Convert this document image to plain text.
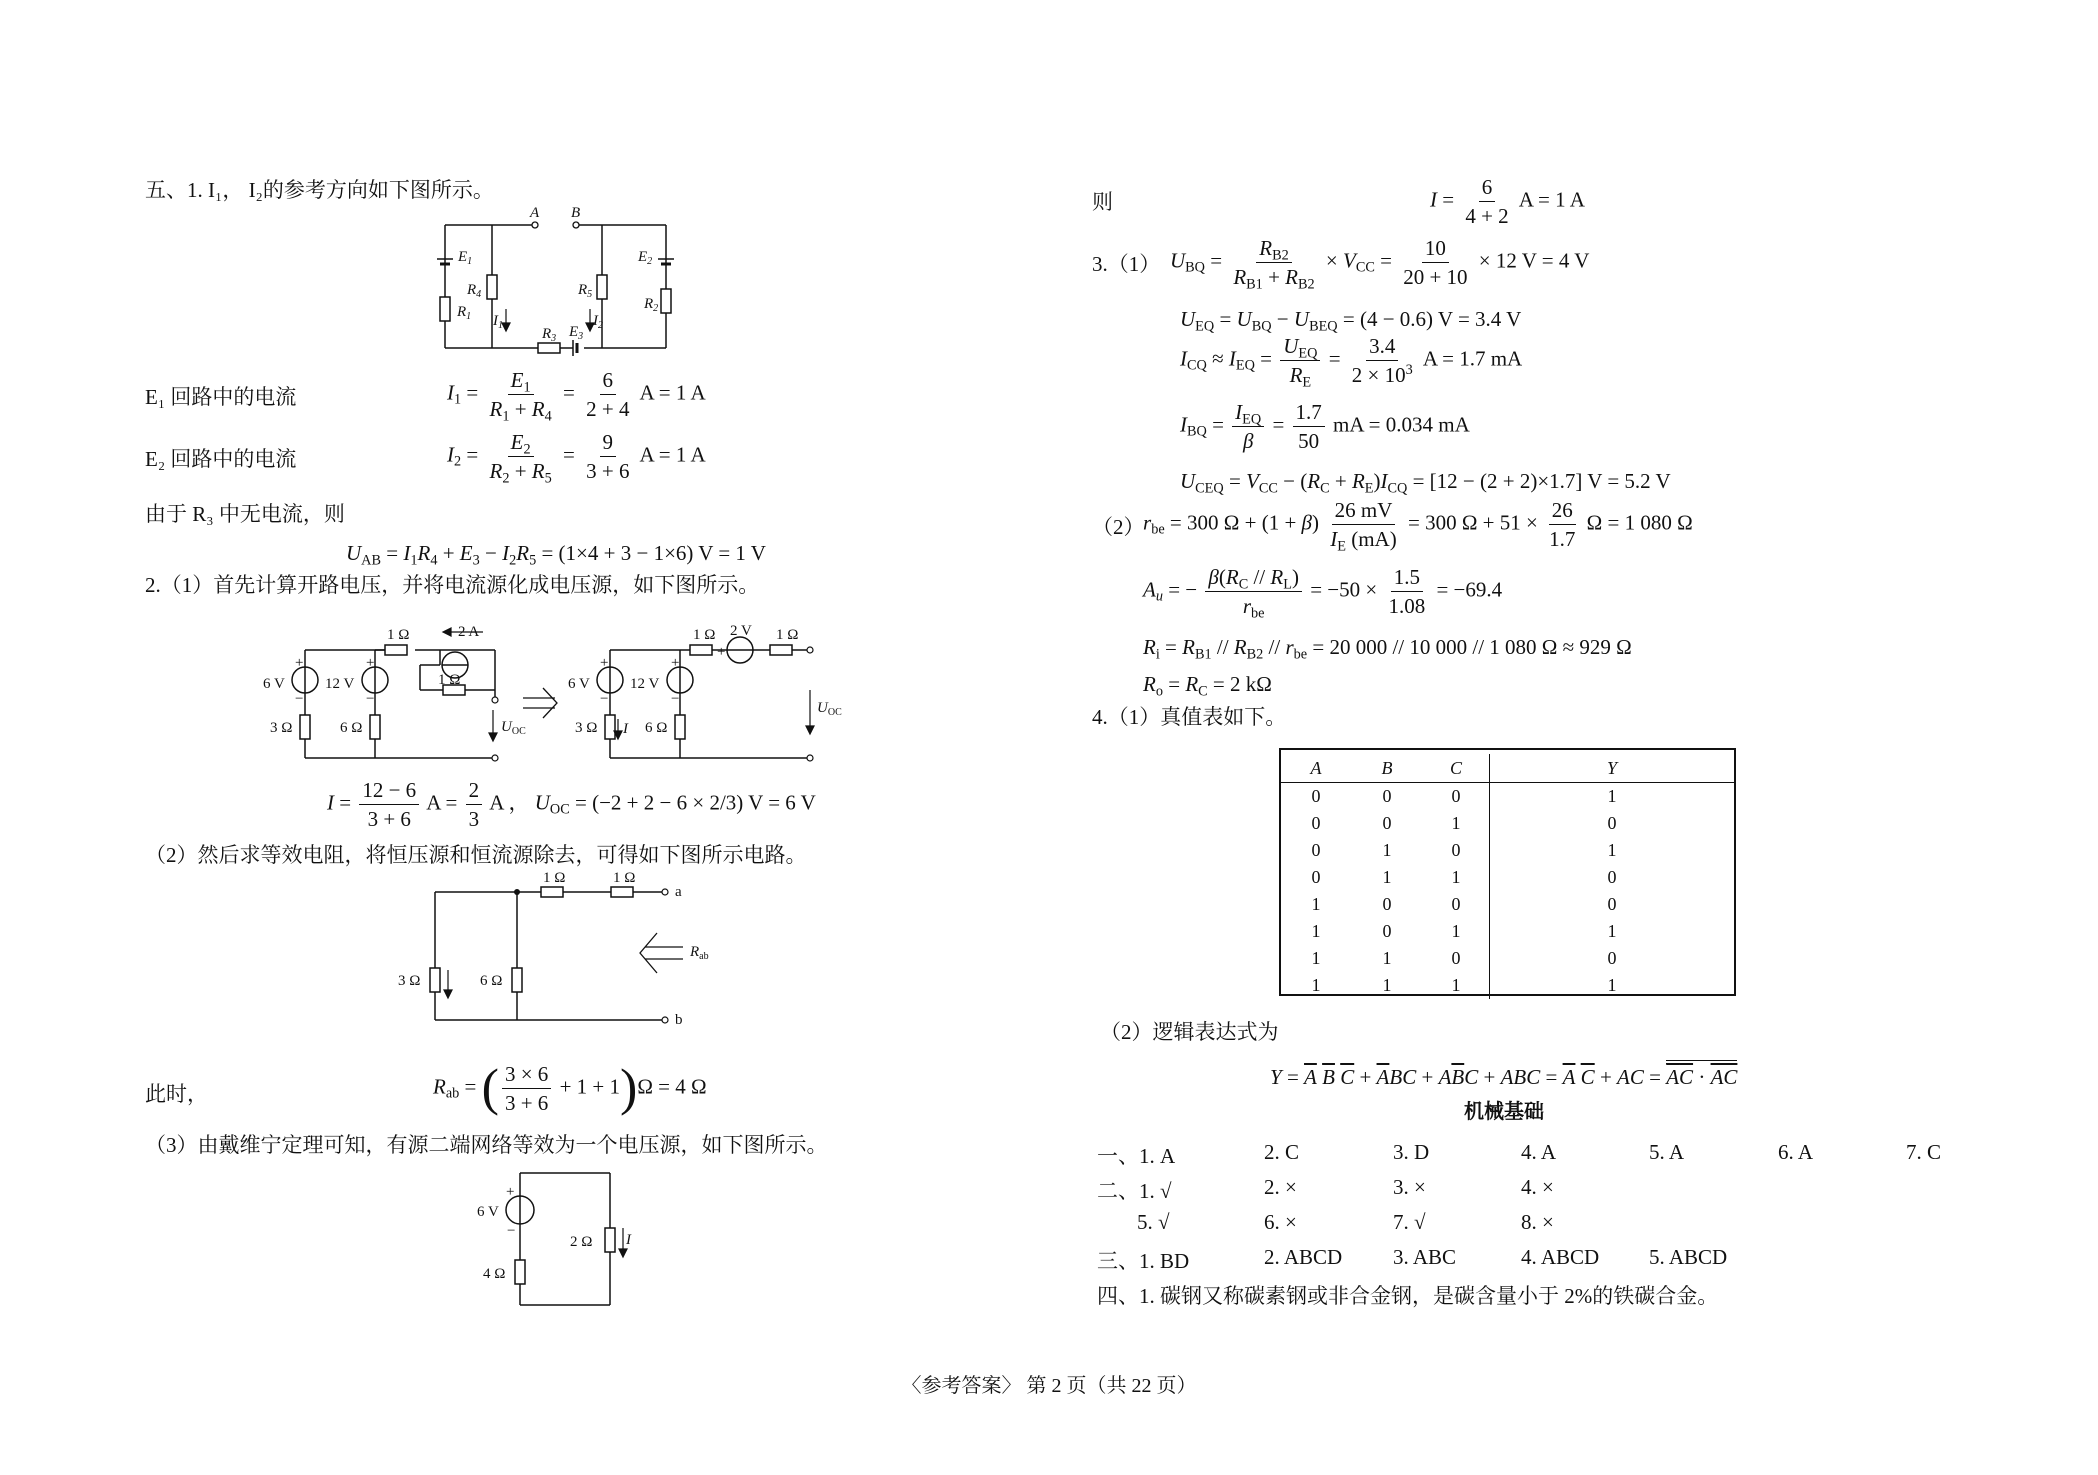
五、1. I₁， I₂的参考方向如下图所示。
A B
$E_1$
$R_1$
$R_4$
$I_1$
$R_3$ $E_3$
$R_5$
$I_2$
$E_2$
$R_2$
E₁ 回路中的电流	$I_1 = \frac{E_1}{R_1 + R_4} = \frac{6}{2 + 4}$ A = 1 A
E₂ 回路中的电流	$I_2 = \frac{E_2}{R_2 + R_5} = \frac{9}{3 + 6}$ A = 1 A
由于 R₃ 中无电流，则
$U_{AB} = I_1R_4 + E_3 - I_2R_5 = (1\times 4 + 3 - 1\times 6) V = 1$ V
2.（1）首先计算开路电压，并将电流源化成电压源，如下图所示。
6 V
+
−
12 V
+
−
3 Ω	6 Ω
1 Ω	2 A
1 Ω
$U_{OC}$
6 V
+
−
12 V
+
−
3 Ω	6 Ω
I
1 Ω 2 V
+ −
1 Ω
$U_{OC}$
$I = \frac{12 - 6}{3 + 6}$ $A = \frac{2}{3}$ A ， $U_{OC} = (-2 + 2 - 6 \times 2/3) V = 6$ V
（2）然后求等效电阻，将恒压源和恒流源除去，可得如下图所示电路。
3 Ω	6 Ω
1 Ω	1 Ω
a
b
$R_{ab}$
此时，	$R_{ab}$ = ( $\frac{3 \times 6}{3 + 6} + 1 + 1)\Omega = 4$ Ω
（3）由戴维宁定理可知，有源二端网络等效为一个电压源，如下图所示。
6 V
+
−
4 Ω
2 Ω I
则	$I = \frac{6}{4 + 2}$ A = 1 A
3.（1） $U_{BQ} = \frac{R_{B2}}{R_{B1} + R_{B2}} \times V_{CC} = \frac{10}{20 + 10} \times 12$ V = 4 V
$U_{EQ} = U_{BQ} - U_{BEQ} = (4 - 0.6) V = 3.4$ V
$I_{CQ} \approx I_{EQ}$ =
$U_{EQ}$
$R_E$
= $\frac{3.4}{2 \times 10^3}$ A = 1.7 mA
$I_{BQ}$ =
$I_{EQ}$
β
= $\frac{1.7}{50}$ mA = 0.034 mA
$U_{CEQ} = V_{CC} - (R_C + R_E)I_{CQ} = [12 - (2 + 2)\times 1.7] V = 5.2$ V
（2）
$r_{be} = 300$ $\Omega + (1 + \beta) \frac{26 mV}{I_E (mA)} = 300$ $\Omega + 51 \times \frac{26}{1.7}$ Ω = 1 080 Ω
$A_u$ = −
$\beta(R_C // R_L)$
$r_{be}$
= $-50 \times \frac{1.5}{1.08} = -69.4$
$R_i = R_{B1} // R_{B2} // r_{be} = 20$ 000 // 10 000 // 1 080 Ω ≈ 929 Ω
$R_o = R_C = 2$ kΩ
4.（1）真值表如下。
A	B	C	Y
0	0	0	1
0	0	1	0
0	1	0	1
0	1	1	0
1	0	0	0
1	0	1	1
1	1	0	0
1	1	1	1
（2）逻辑表达式为
$Y = \overline{A}$ $\overline{B}$ $\overline{C} + \overline{A}BC + A\overline{B}C$ + ABC = $\overline{A}$ $\overline{C}$ + AC = $\overline{A}\overline{C} \cdot \overline{AC}$
机械基础
一、1. A	2. C	3. D	4. A	5. A	6. A	7. C
二、1. √	2. ×	3. ×	4. ×
5. √	6. ×	7. √	8. ×
三、1. BD	2. ABCD 3. ABC	4. ABCD 5. ABCD
四、1. 碳钢又称碳素钢或非合金钢，是碳含量小于 2%的铁碳合金。
〈参考答案〉 第 2 页（共 22 页）
